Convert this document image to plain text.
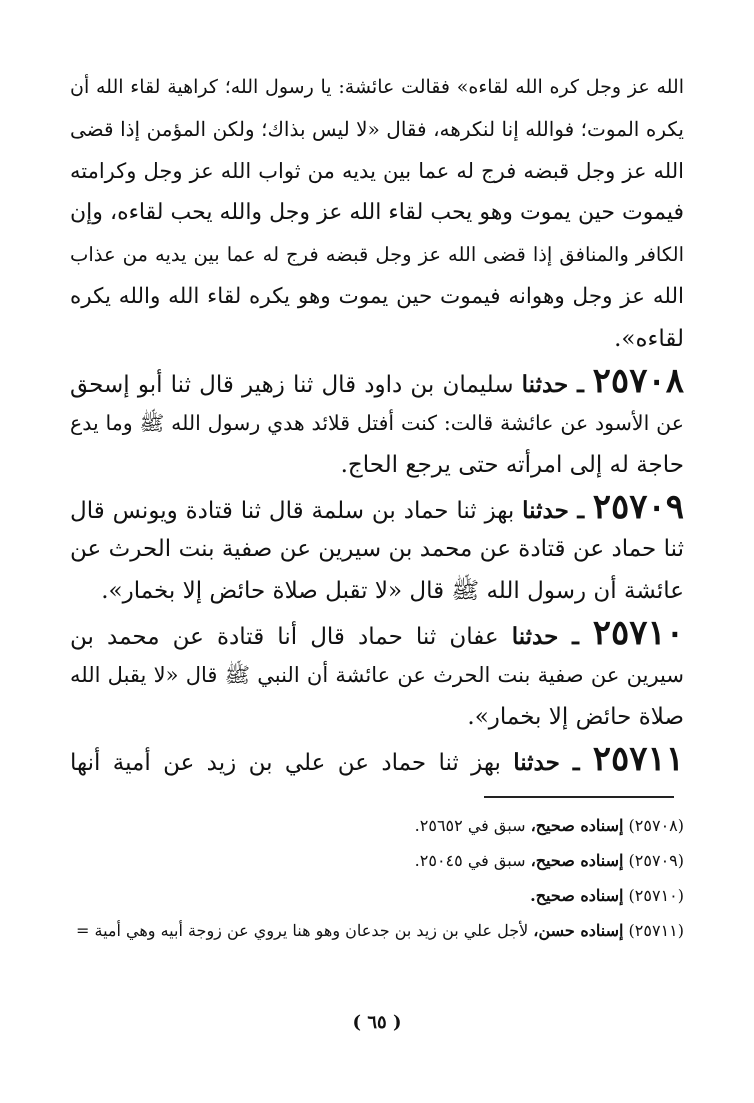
الله عز وجل كره الله لقاءه» فقالت عائشة: يا رسول الله؛ كراهية لقاء الله أن
يكره الموت؛ فوالله إنا لنكرهه، فقال «لا ليس بذاك؛ ولكن المؤمن إذا قضى
الله عز وجل قبضه فرج له عما بين يديه من ثواب الله عز وجل وكرامته
فيموت حين يموت وهو يحب لقاء الله عز وجل والله يحب لقاءه، وإن
الكافر والمنافق إذا قضى الله عز وجل قبضه فرج له عما بين يديه من عذاب
الله عز وجل وهوانه فيموت حين يموت وهو يكره لقاء الله والله يكره
لقاءه».
٢٥٧٠٨ ـ حدثنا سليمان بن داود قال ثنا زهير قال ثنا أبو إسحق
عن الأسود عن عائشة قالت: كنت أفتل قلائد هدي رسول الله ﷺ وما يدع
حاجة له إلى امرأته حتى يرجع الحاج.
٢٥٧٠٩ ـ حدثنا بهز ثنا حماد بن سلمة قال ثنا قتادة ويونس قال
ثنا حماد عن قتادة عن محمد بن سيرين عن صفية بنت الحرث عن
عائشة أن رسول الله ﷺ قال «لا تقبل صلاة حائض إلا بخمار».
٢٥٧١٠ ـ حدثنا عفان ثنا حماد قال أنا قتادة عن محمد بن
سيرين عن صفية بنت الحرث عن عائشة أن النبي ﷺ قال «لا يقبل الله
صلاة حائض إلا بخمار».
٢٥٧١١ ـ حدثنا بهز ثنا حماد عن علي بن زيد عن أمية أنها
(٢٥٧٠٨) إسناده صحيح، سبق في ٢٥٦٥٢.
(٢٥٧٠٩) إسناده صحيح، سبق في ٢٥٠٤٥.
(٢٥٧١٠) إسناده صحيح.
(٢٥٧١١) إسناده حسن، لأجل علي بن زيد بن جدعان وهو هنا يروي عن زوجة أبيه وهي أمية =
( ٦٥ )
